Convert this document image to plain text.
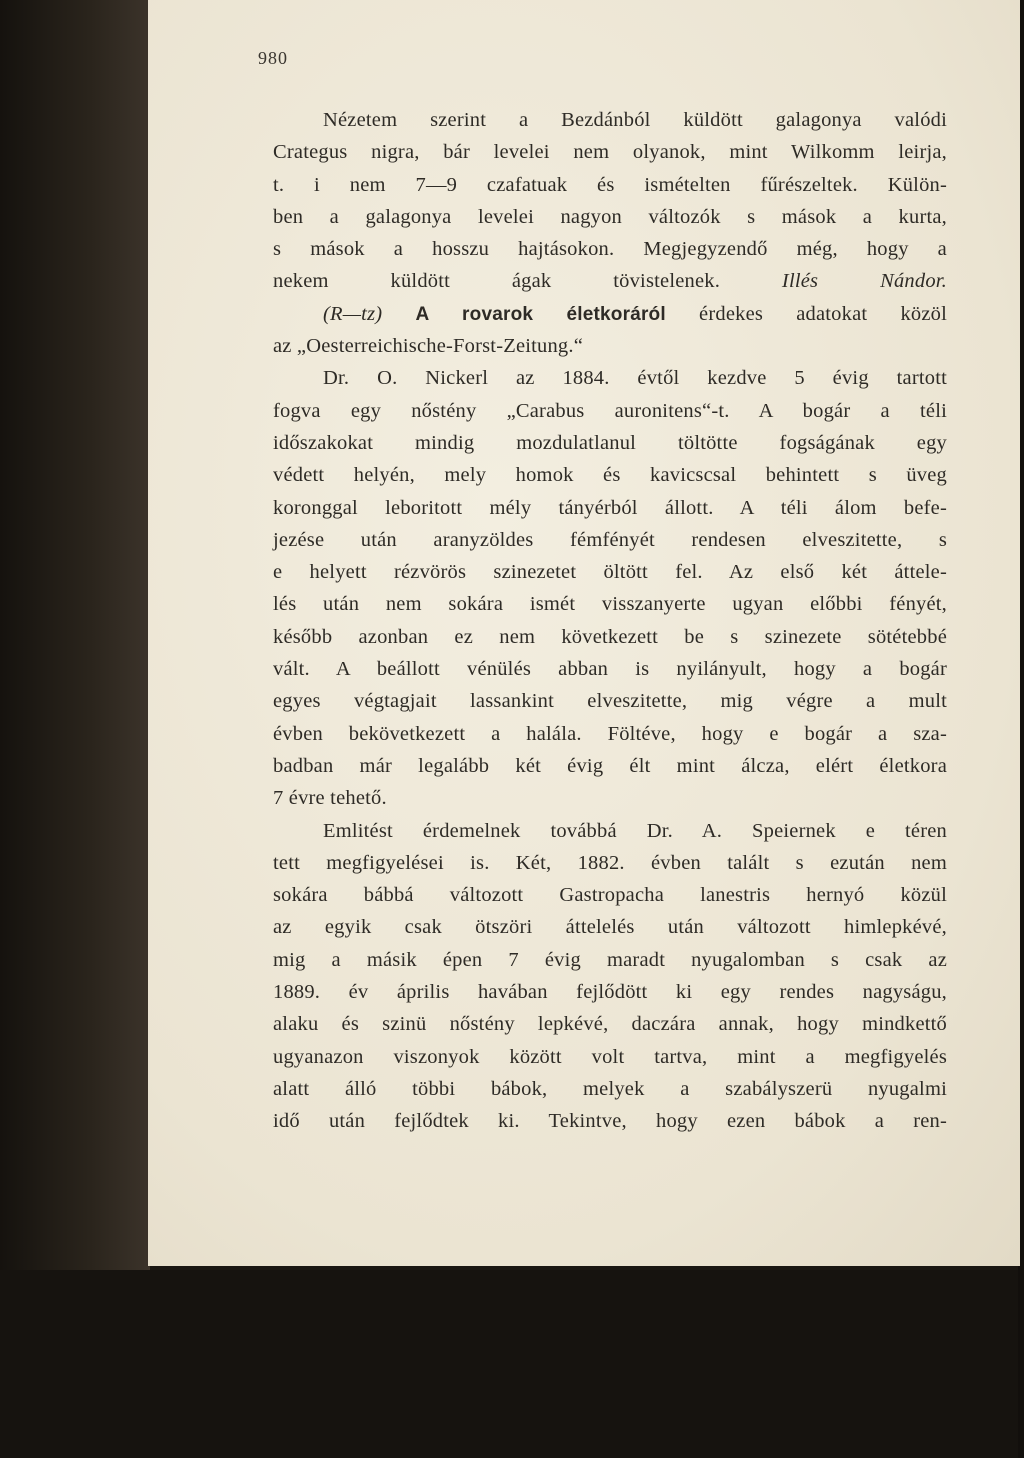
980
Nézetem szerint a Bezdánból küldött galagonya valódi
Crategus nigra, bár levelei nem olyanok, mint Wilkomm leirja,
t. i nem 7—9 czafatuak és ismételten fűrészeltek. Külön-
ben a galagonya levelei nagyon változók s mások a kurta,
s mások a hosszu hajtásokon. Megjegyzendő még, hogy a
nekem küldött ágak tövistelenek.	Illés Nándor.
(R—tz) A rovarok életkoráról érdekes adatokat közöl
az „Oesterreichische-Forst-Zeitung.“
Dr. O. Nickerl az 1884. évtől kezdve 5 évig tartott
fogva egy nőstény „Carabus auronitens“-t. A bogár a téli
időszakokat mindig mozdulatlanul töltötte fogságának egy
védett helyén, mely homok és kavicscsal behintett s üveg
koronggal leboritott mély tányérból állott. A téli álom befe-
jezése után aranyzöldes fémfényét rendesen elveszitette, s
e helyett rézvörös szinezetet öltött fel. Az első két áttele-
lés után nem sokára ismét visszanyerte ugyan előbbi fényét,
később azonban ez nem következett be s szinezete sötétebbé
vált. A beállott vénülés abban is nyilányult, hogy a bogár
egyes végtagjait lassankint elveszitette, mig végre a mult
évben bekövetkezett a halála. Föltéve, hogy e bogár a sza-
badban már legalább két évig élt mint álcza, elért életkora
7 évre tehető.
Emlitést érdemelnek továbbá Dr. A. Speiernek e téren
tett megfigyelései is. Két, 1882. évben talált s ezután nem
sokára bábbá változott Gastropacha lanestris hernyó közül
az egyik csak ötszöri áttelelés után változott himlepkévé,
mig a másik épen 7 évig maradt nyugalomban s csak az
1889. év április havában fejlődött ki egy rendes nagyságu,
alaku és szinü nőstény lepkévé, daczára annak, hogy mindkettő
ugyanazon viszonyok között volt tartva, mint a megfigyelés
alatt álló többi bábok, melyek a szabályszerü nyugalmi
idő után fejlődtek ki. Tekintve, hogy ezen bábok a ren-
